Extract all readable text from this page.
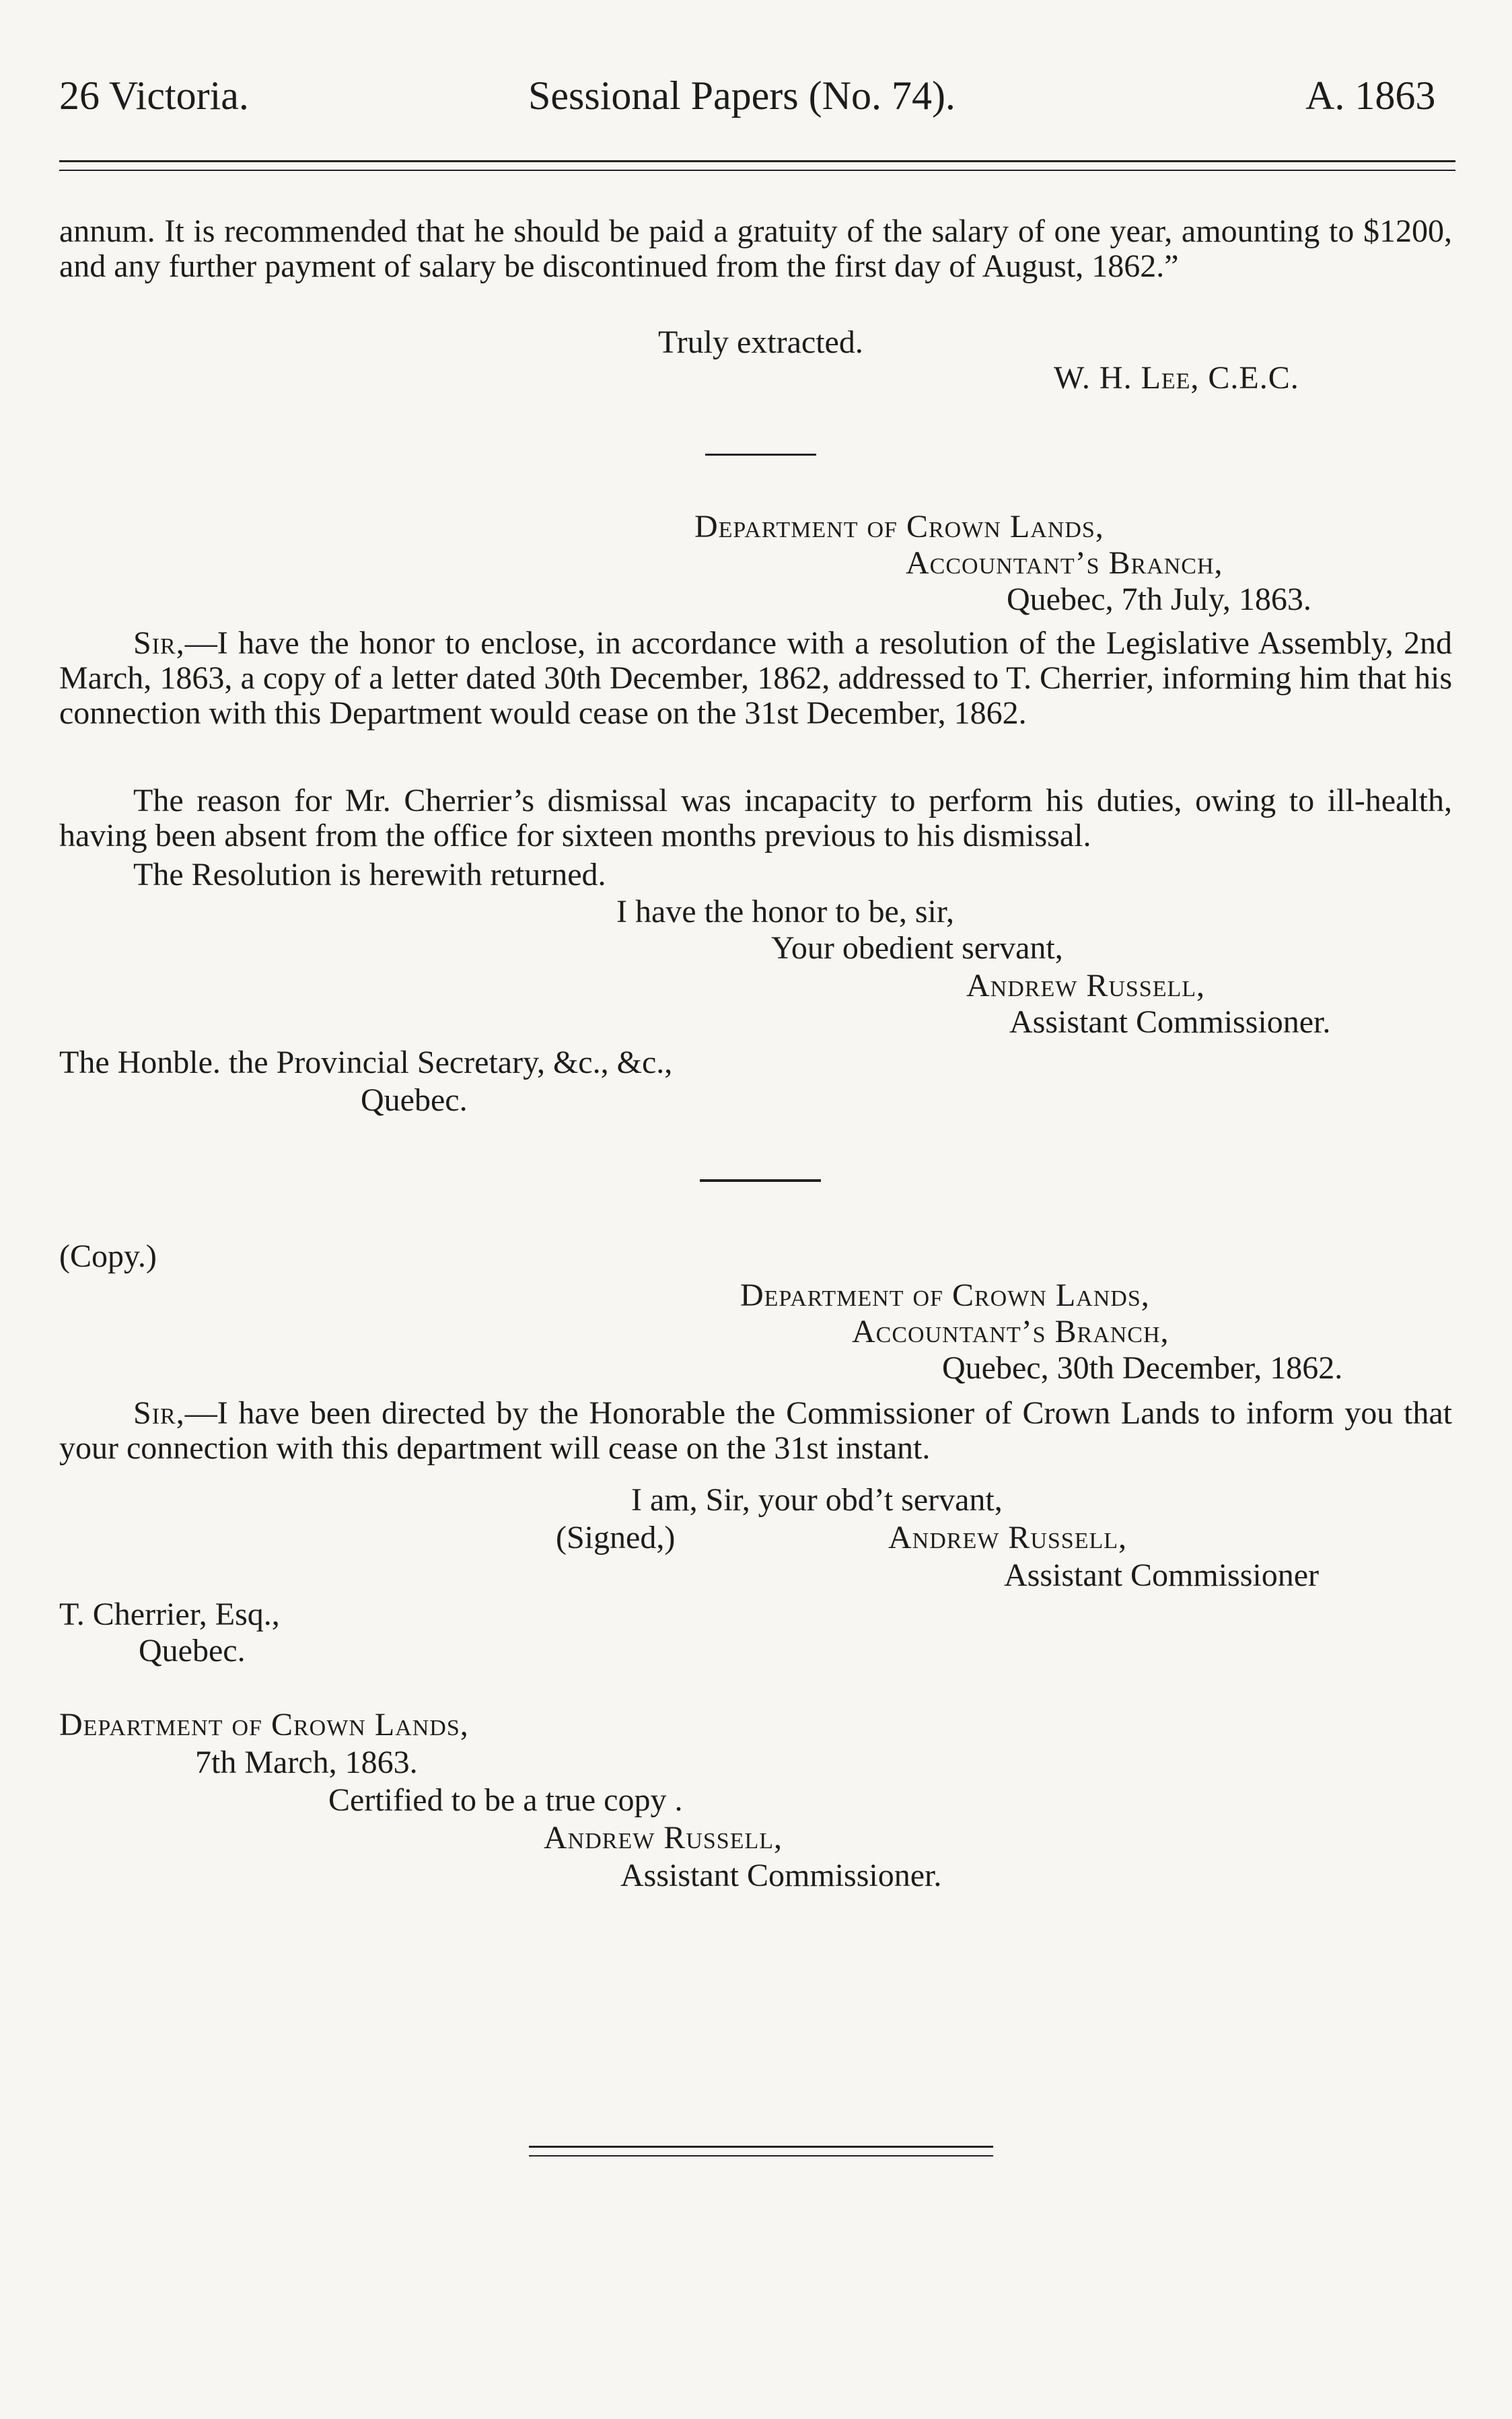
26 Victoria.	Sessional Papers (No. 74).	A. 1863
annum. It is recommended that he should be paid a gratuity of the salary of one year, amounting to $1200, and any further payment of salary be discontinued from the first day of August, 1862.”
Truly extracted.
W. H. Lee, C.E.C.
Department of Crown Lands,
Accountant’s Branch,
Quebec, 7th July, 1863.
Sir,—I have the honor to enclose, in accordance with a resolution of the Legislative Assembly, 2nd March, 1863, a copy of a letter dated 30th December, 1862, addressed to T. Cherrier, informing him that his connection with this Department would cease on the 31st December, 1862.
The reason for Mr. Cherrier’s dismissal was incapacity to perform his duties, owing to ill-health, having been absent from the office for sixteen months previous to his dismissal.
The Resolution is herewith returned.
I have the honor to be, sir,
Your obedient servant,
Andrew Russell,
Assistant Commissioner.
The Honble. the Provincial Secretary, &c., &c.,
Quebec.
(Copy.)
Department of Crown Lands,
Accountant’s Branch,
Quebec, 30th December, 1862.
Sir,—I have been directed by the Honorable the Commissioner of Crown Lands to inform you that your connection with this department will cease on the 31st instant.
I am, Sir, your obd’t servant,
(Signed,)	Andrew Russell,
Assistant Commissioner
T. Cherrier, Esq.,
Quebec.
Department of Crown Lands,
7th March, 1863.
Certified to be a true copy .
Andrew Russell,
Assistant Commissioner.
